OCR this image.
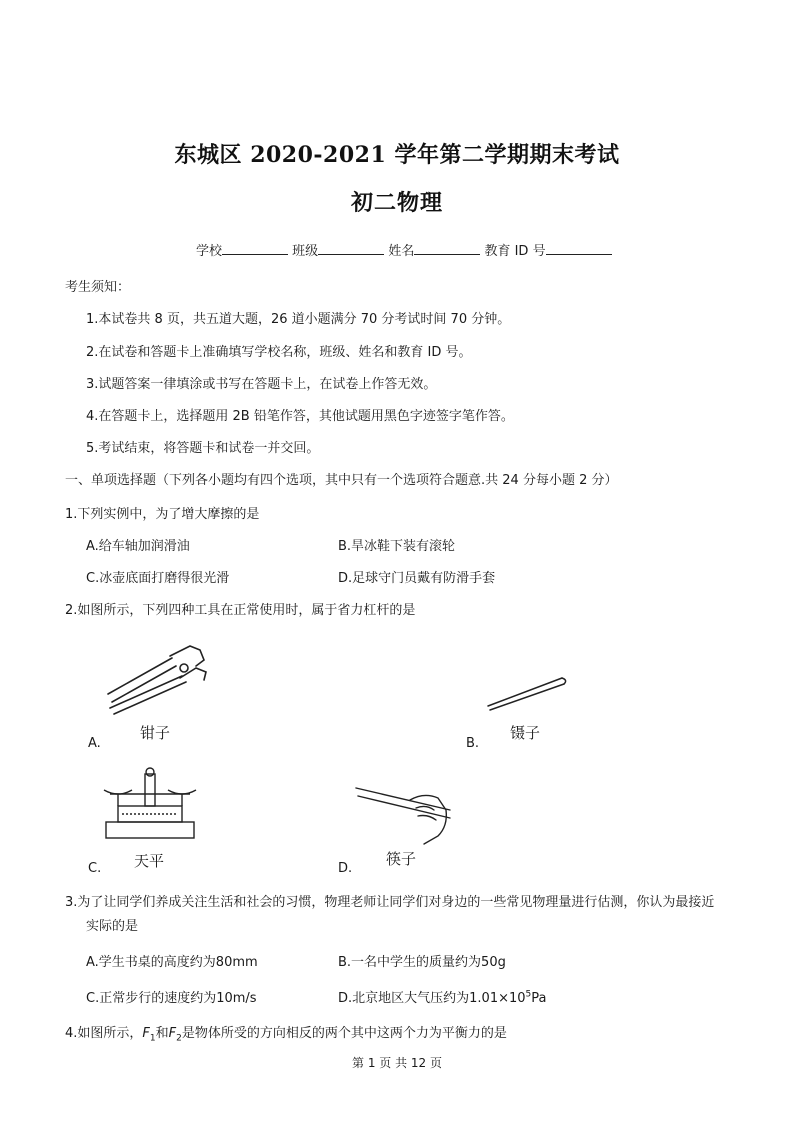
东城区 2020-2021 学年第二学期期末考试
初二物理
学校	班级	姓名	教育 ID 号
考生须知：
1.本试卷共 8 页，共五道大题，26 道小题满分 70 分考试时间 70 分钟。
2.在试卷和答题卡上准确填写学校名称，班级、姓名和教育 ID 号。
3.试题答案一律填涂或书写在答题卡上，在试卷上作答无效。
4.在答题卡上，选择题用 2B 铅笔作答，其他试题用黑色字迹签字笔作答。
5.考试结束，将答题卡和试卷一并交回。
一、单项选择题（下列各小题均有四个选项，其中只有一个选项符合题意.共 24 分每小题 2 分）
1.下列实例中，为了增大摩擦的是
A.给车轴加润滑油	B.旱冰鞋下装有滚轮
C.冰壶底面打磨得很光滑	D.足球守门员戴有防滑手套
2.如图所示，下列四种工具在正常使用时，属于省力杠杆的是
A.
钳子
B.
镊子
C. 天平	D.
筷子
3.为了让同学们养成关注生活和社会的习惯，物理老师让同学们对身边的一些常见物理量进行估测，你认为最接近
实际的是
A.学生书桌的高度约为80mm	B.一名中学生的质量约为50g
C.正常步行的速度约为10m/s	D.北京地区大气压约为$1.01\times 10^5Pa$
4.如图所示，$F_1$和$F_2$是物体所受的方向相反的两个其中这两个力为平衡力的是
第 1 页 共 12 页
